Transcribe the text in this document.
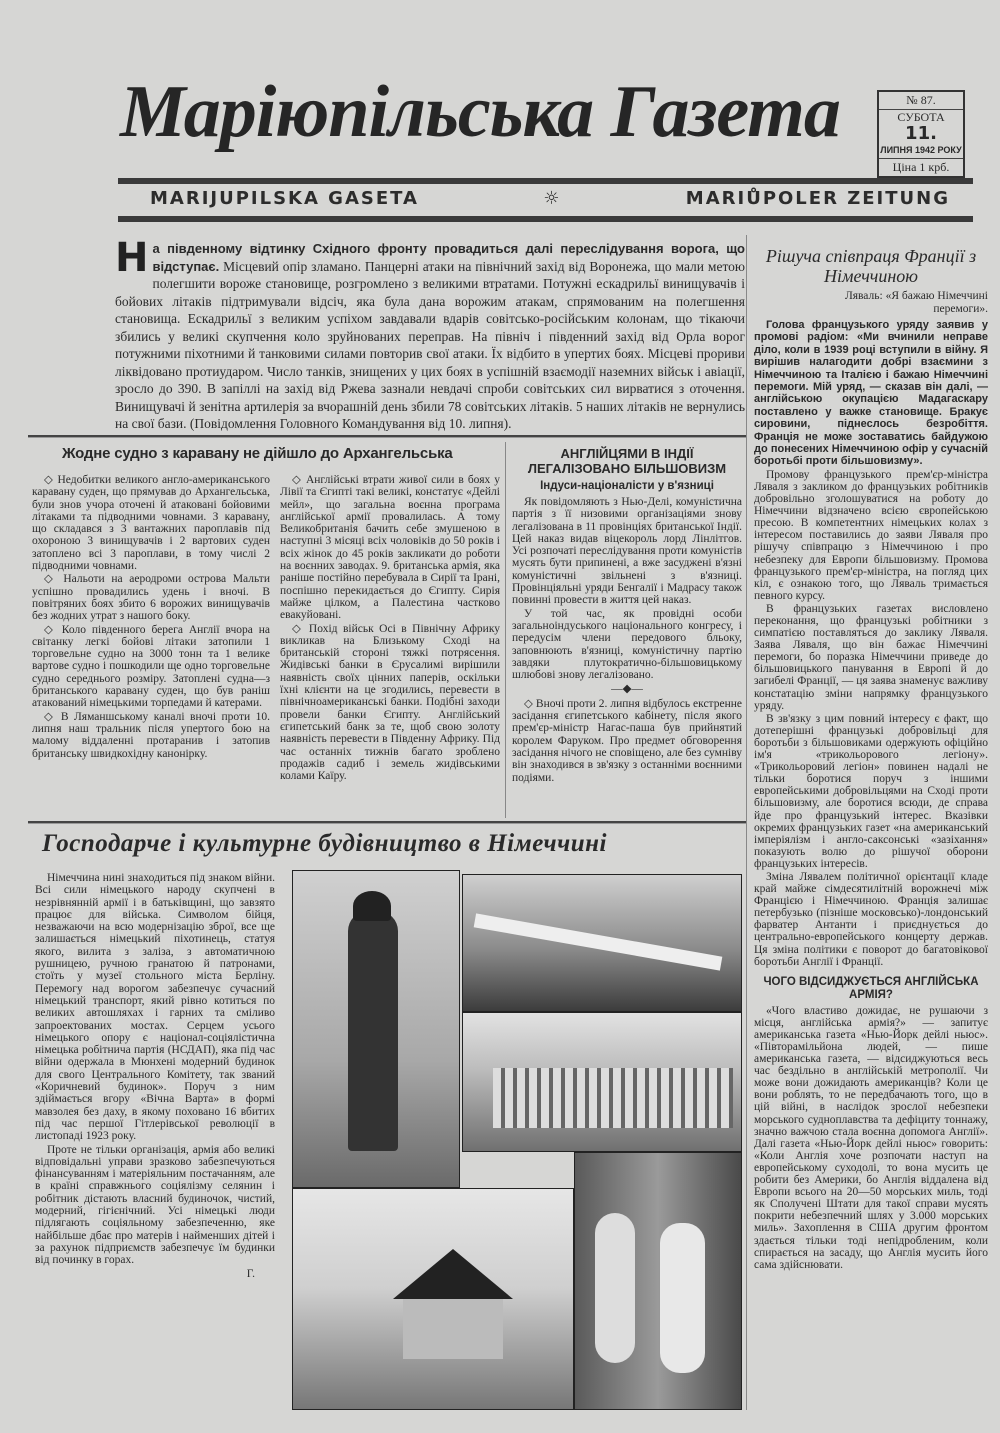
Маріюпільська Газета
MARIJUPILSKA GASETA	☼	MARIŮPOLER ZEITUNG
№ 87.
СУБОТА
11.
ЛИПНЯ 1942 РОКУ
Ціна 1 крб.
Н а південному відтинку Східного фронту провадиться далі переслідування ворога, що відступає. Місцевий опір зламано. Панцерні атаки на північний захід від Воронежа, що мали метою полегшити вороже становище, розгромлено з великими втратами. Потужні ескадрильї винищувачів і бойових літаків підтримували відсіч, яка була дана ворожим атакам, спрямованим на полегшення становища. Ескадрильї з великим успіхом завдавали вдарів совітсько-російським колонам, що тікаючи збились у великі скупчення коло зруйнованих переправ. На північ і південний захід від Орла ворог потужними піхотними й танковими силами повторив свої атаки. Їх відбито в упертих боях. Місцеві прориви ліквідовано протиударом. Число танків, знищених у цих боях в успішній взаємодії наземних військ і авіації, зросло до 390. В запіллі на захід від Ржева зазнали невдачі спроби совітських сил вирватися з оточення. Винищувачі й зенітна артилерія за вчорашній день збили 78 совітських літаків. 5 наших літаків не вернулись на свої бази. (Повідомлення Головного Командування від 10. липня).
Жодне судно з каравану не дійшло до Архангельська

◇ Недобитки великого англо-американського каравану суден, що прямував до Архангельська, були знов учора оточені й атаковані бойовими літаками та підводними човнами. З каравану, що складався з 3 вантажних пароплавів під охороною 3 винищувачів і 2 вартових суден затоплено всі 3 пароплави, в тому числі 2 підводними човнами.

◇ Нальоти на аеродроми острова Мальти успішно провадились удень і вночі. В повітряних боях збито 6 ворожих винищувачів без жодних утрат з нашого боку.

◇ Коло південного берега Англії вчора на світанку легкі бойові літаки затопили 1 торговельне судно на 3000 тонн та 1 велике вартове судно і пошкодили ще одно торговельне судно середнього розміру. Затоплені судна—з британського каравану суден, що був раніш атакований німецькими торпедами й катерами.

◇ В Ляманшському каналі вночі проти 10. липня наш тральник після упертого бою на малому віддаленні протаранив і затопив британську швидкохідну канонірку.

◇ Англійські втрати живої сили в боях у Лівії та Єгипті такі великі, констатує «Дейлі мейл», що загальна воєнна програма англійської армії провалилась. А тому Великобританія бачить себе змушеною в наступні 3 місяці всіх чоловіків до 50 років і всіх жінок до 45 років закликати до роботи на воєнних заводах. 9. британська армія, яка раніше постійно перебувала в Сирії та Ірані, поспішно перекидається до Єгипту. Сирія майже цілком, а Палестина частково евакуйовані.

◇ Похід військ Осі в Північну Африку викликав на Близькому Сході на британській стороні тяжкі потрясення. Жидівські банки в Єрусалимі вирішили наявність своїх цінних паперів, оскільки їхні клієнти на це згодились, перевести в північноамериканські банки. Подібні заходи провели банки Єгипту. Англійський єгипетський банк за те, щоб свою золоту наявність перевести в Південну Африку. Під час останніх тижнів багато зроблено продажів садиб і земель жидівськими колами Каїру.

АНГЛІЙЦЯМИ В ІНДІЇ ЛЕГАЛІЗОВАНО БІЛЬШОВИЗМ
Індуси-націоналісти у в'язниці

Як повідомляють з Нью-Делі, комуністична партія з її низовими організаціями знову легалізована в 11 провінціях британської Індії. Цей наказ видав віцекороль лорд Лінлітгов. Усі розпочаті переслідування проти комуністів мусять бути припинені, а вже засуджені в'язні комуністичні звільнені з в'язниці. Провінціяльні уряди Бенгалії і Мадрасу також повинні провести в життя цей наказ.

У той час, як провідні особи загальноіндуського національного конгресу, і передусім члени передового бльоку, заповнюють в'язниці, комуністичну партію завдяки плутократично-більшовицькому шлюбові знову легалізовано.

—◆—

◇ Вночі проти 2. липня відбулось екстренне засідання єгипетського кабінету, після якого прем'єр-міністр Нагас-паша був прийнятий королем Фаруком. Про предмет обговорення засідання нічого не сповіщено, але без сумніву він знаходився в зв'язку з останніми воєнними подіями.

Рішуча співпраця Франції з Німеччиною
Ляваль: «Я бажаю Німеччині перемоги».

Голова французького уряду заявив у промові радіом: «Ми вчинили неправе діло, коли в 1939 році вступили в війну. Я вирішив налагодити добрі взаємини з Німеччиною та Італією і бажаю Німеччині перемоги. Мій уряд, — сказав він далі, — англійською окупацією Мадагаскару поставлено у важке становище. Бракує сировини, піднеслось безробіття. Франція не може зоставатись байдужою до понесених Німеччиною офір у сучасній боротьбі проти більшовизму».

Промову французького прем'єр-міністра Ляваля з закликом до французьких робітників добровільно зголошуватися на роботу до Німеччини відзначено всією європейською пресою. В компетентних німецьких колах з інтересом поставились до заяви Ляваля про рішучу співпрацю з Німеччиною і про небезпеку для Европи більшовизму. Промова французького прем'єр-міністра, на погляд цих кіл, є ознакою того, що Ляваль тримається певного курсу.

В французьких газетах висловлено переконання, що французькі робітники з симпатією поставляться до заклику Ляваля. Заява Ляваля, що він бажає Німеччині перемоги, бо поразка Німеччини приведе до більшовицького панування в Европі й до загибелі Франції, — ця заява знаменує важливу констатацію зміни напрямку французького уряду.

В зв'язку з цим повний інтересу є факт, що дотеперішні французькі добровільці для боротьби з більшовиками одержують офіційно ім'я «трикольорового легіону». «Трикольоровий легіон» повинен надалі не тільки боротися поруч з іншими европейськими добровільцями на Сході проти більшовизму, але боротися всюди, де справа йде про французький інтерес. Вказівки окремих французьких газет «на американський імперіялізм і англо-саксонські «зазіхання» показують волю до рішучої оборони французьких інтересів.

Зміна Лявалем політичної орієнтації кладе край майже сімдесятилітній ворожнечі між Францією і Німеччиною. Франція залишає петербузько (пізніше московсько)-лондонський фарватер Антанти і приєднується до центрально-европейського концерту держав. Ця зміна політики є поворот до багатовікової боротьби Англії і Франції.

ЧОГО ВІДСИДЖУЄТЬСЯ АНГЛІЙСЬКА АРМІЯ?

«Чого властиво дожидає, не рушаючи з місця, англійська армія?» — запитує американська газета «Нью-Йорк дейлі ньюс». «Півторамільйона людей, — пише американська газета, — відсиджуються весь час бездільно в англійській метрополії. Чи може вони дожидають американців? Коли це вони роблять, то не передбачають того, що в цій війні, в наслідок зрослої небезпеки морського судноплавства та дефіциту тоннажу, значно важчою стала воєнна допомога Англії». Далі газета «Нью-Йорк дейлі ньюс» говорить: «Коли Англія хоче розпочати наступ на европейському суходолі, то вона мусить це робити без Америки, бо Англія віддалена від Европи всього на 20—50 морських миль, тоді як Сполучені Штати для такої справи мусять покрити небезпечний шлях у 3.000 морських миль». Захоплення в США другим фронтом здається тільки тоді непідробленим, коли спирається на засаду, що Англія мусить його сама здійснювати.

Господарче і культурне будівництво в Німеччині

Німеччина нині знаходиться під знаком війни. Всі сили німецького народу скупчені в незрівнянній армії і в батьківщині, що завзято працює для війська. Символом бійця, незважаючи на всю модернізацію зброї, все ще залишається німецький піхотинець, статуя якого, вилита з заліза, з автоматичною рушницею, ручною гранатою й патронами, стоїть у музеї стольного міста Берліну. Перемогу над ворогом забезпечує сучасний німецький транспорт, який рівно котиться по великих автошляхах і гарних та сміливо запроектованих мостах. Серцем усього німецького опору є націонал-соціялістична німецька робітнича партія (НСДАП), яка під час війни одержала в Мюнхені модерний будинок для свого Центрального Комітету, так званий «Коричневий будинок». Поруч з ним здіймається вгору «Вічна Варта» в формі мавзолея без даху, в якому поховано 16 вбитих під час першої Гітлерівської революції в листопаді 1923 року.

Проте не тільки організація, армія або великі відповідальні управи зразково забезпечуються фінансуванням і матеріяльним постачанням, але в країні справжнього соціялізму селянин і робітник дістають власний будиночок, чистий, модерний, гігієнічний. Усі німецькі люди підлягають соціяльному забезпеченню, яке найбільше дбає про матерів і найменших дітей і за рахунок підприємств забезпечує їм будинки від починку в горах.

Г.
